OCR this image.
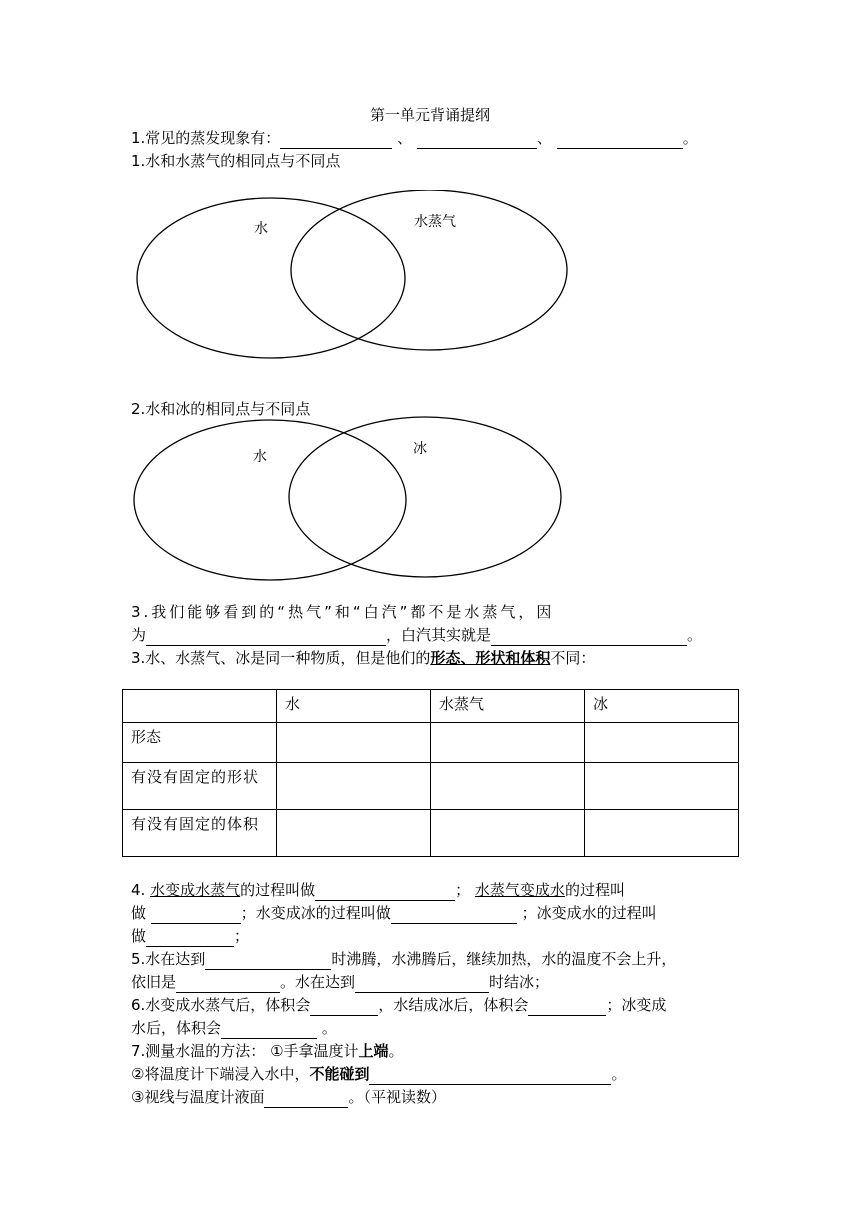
第一单元背诵提纲
1.常见的蒸发现象有：	、	、	。
1.水和水蒸气的相同点与不同点
水	水蒸气
2.水和冰的相同点与不同点
水	冰
3.我们能够看到的“热气”和“白汽”都不是水蒸气，因
为	，白汽其实就是	。
3.水、水蒸气、冰是同一种物质，但是他们的形态、形状和体积不同：
	水	水蒸气	冰
形态			
有没有固定的形状			
有没有固定的体积			
4. 水变成水蒸气的过程叫做	； 水蒸气变成水的过程叫
做	；水变成冰的过程叫做	；冰变成水的过程叫
做	；
5.水在达到	时沸腾，水沸腾后，继续加热，水的温度不会上升，
依旧是	。水在达到	时结冰；
6.水变成水蒸气后，体积会	，水结成冰后，体积会	；冰变成
水后，体积会	。
7.测量水温的方法： ①手拿温度计上端。
②将温度计下端浸入水中，不能碰到	。
③视线与温度计液面	。（平视读数）
